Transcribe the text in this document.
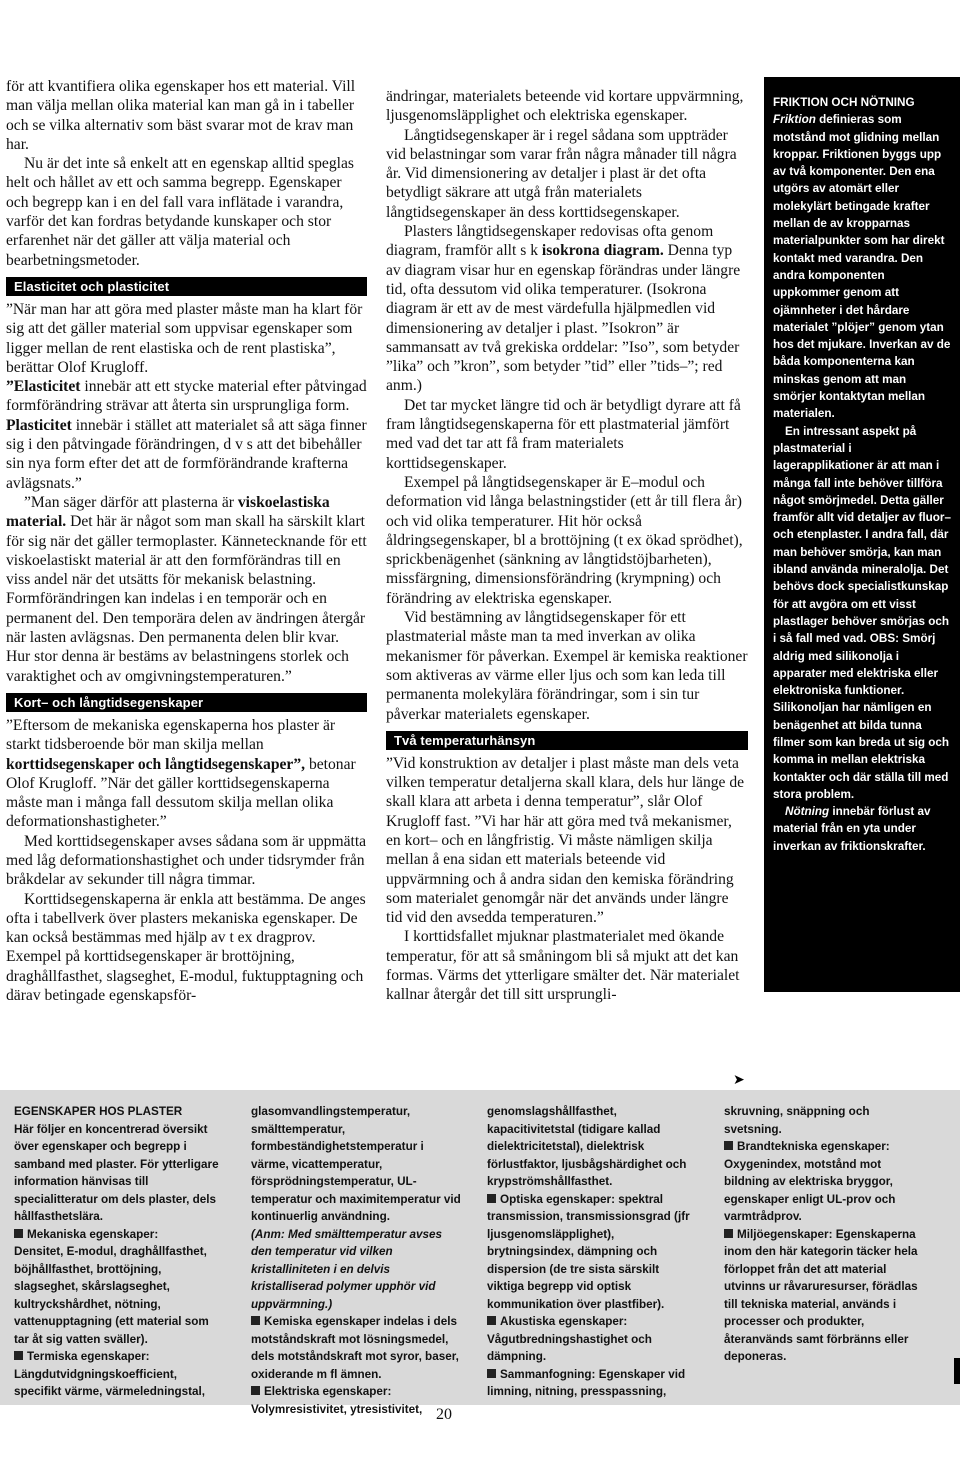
för att kvantifiera olika egenskaper hos ett material. Vill man välja mellan olika material kan man gå in i tabeller och se vilka alternativ som bäst svarar mot de krav man har.

Nu är det inte så enkelt att en egenskap alltid speglas helt och hållet av ett och samma begrepp. Egenskaper och begrepp kan i en del fall vara inflätade i varandra, varför det kan fordras betydande kunskaper och stor erfarenhet när det gäller att välja material och bearbetningsmetoder.

Elasticitet och plasticitet

”När man har att göra med plaster måste man ha klart för sig att det gäller material som uppvisar egenskaper som ligger mellan de rent elastiska och de rent plastiska”, berättar Olof Krugloff.

”Elasticitet innebär att ett stycke material efter påtvingad formförändring strävar att återta sin ursprungliga form. Plasticitet innebär i stället att materialet så att säga finner sig i den påtvingade förändringen, d v s att det bibehåller sin nya form efter det att de formförändrande krafterna avlägsnats.”

”Man säger därför att plasterna är viskoelastiska material. Det här är något som man skall ha särskilt klart för sig när det gäller termoplaster. Kännetecknande för ett viskoelastiskt material är att den formförändras till en viss andel när det utsätts för mekanisk belastning. Formförändringen kan indelas i en temporär och en permanent del. Den temporära delen av ändringen återgår när lasten avlägsnas. Den permanenta delen blir kvar. Hur stor denna är bestäms av belastningens storlek och varaktighet och av omgivningstemperaturen.”

Kort– och långtidsegenskaper

”Eftersom de mekaniska egenskaperna hos plaster är starkt tidsberoende bör man skilja mellan korttidsegenskaper och långtidsegenskaper”, betonar Olof Krugloff. ”När det gäller korttidsegenskaperna måste man i många fall dessutom skilja mellan olika deformationshastigheter.”

Med korttidsegenskaper avses sådana som är uppmätta med låg deformationshastighet och under tidsrymder från bråkdelar av sekunder till några timmar.

Korttidsegenskaperna är enkla att bestämma. De anges ofta i tabellverk över plasters mekaniska egenskaper. De kan också bestämmas med hjälp av t ex dragprov. Exempel på korttidsegenskaper är brottöjning, draghållfasthet, slagseghet, E-modul, fuktupptagning och därav betingade egenskapsför-

ändringar, materialets beteende vid kortare uppvärmning, ljusgenomsläpplighet och elektriska egenskaper.

Långtidsegenskaper är i regel sådana som uppträder vid belastningar som varar från några månader till några år. Vid dimensionering av detaljer i plast är det ofta betydligt säkrare att utgå från materialets långtidsegenskaper än dess korttidsegenskaper.

Plasters långtidsegenskaper redovisas ofta genom diagram, framför allt s k isokrona diagram. Denna typ av diagram visar hur en egenskap förändras under längre tid, ofta dessutom vid olika temperaturer. (Isokrona diagram är ett av de mest värdefulla hjälpmedlen vid dimensionering av detaljer i plast. ”Isokron” är sammansatt av två grekiska orddelar: ”Iso”, som betyder ”lika” och ”kron”, som betyder ”tid” eller ”tids–”; red anm.)

Det tar mycket längre tid och är betydligt dyrare att få fram långtidsegenskaperna för ett plastmaterial jämfört med vad det tar att få fram materialets korttidsegenskaper.

Exempel på långtidsegenskaper är E–modul och deformation vid långa belastningstider (ett år till flera år) och vid olika temperaturer. Hit hör också åldringsegenskaper, bl a brottöjning (t ex ökad sprödhet), sprickbenägenhet (sänkning av långtidstöjbarheten), missfärgning, dimensionsförändring (krympning) och förändring av elektriska egenskaper.

Vid bestämning av långtidsegenskaper för ett plastmaterial måste man ta med inverkan av olika mekanismer för påverkan. Exempel är kemiska reaktioner som aktiveras av värme eller ljus och som kan leda till permanenta molekylära förändringar, som i sin tur påverkar materialets egenskaper.

Två temperaturhänsyn

”Vid konstruktion av detaljer i plast måste man dels veta vilken temperatur detaljerna skall klara, dels hur länge de skall klara att arbeta i denna temperatur”, slår Olof Krugloff fast. ”Vi har här att göra med två mekanismer, en kort– och en långfristig. Vi måste nämligen skilja mellan å ena sidan ett materials beteende vid uppvärmning och å andra sidan den kemiska förändring som materialet genomgår när det används under längre tid vid den avsedda temperaturen.”

I korttidsfallet mjuknar plastmaterialet med ökande temperatur, för att så småningom bli så mjukt att det kan formas. Värms det ytterligare smälter det. När materialet kallnar återgår det till sitt ursprungli-

➤

FRIKTION OCH NÖTNING

Friktion definieras som motstånd mot glidning mellan kroppar. Friktionen byggs upp av två komponenter. Den ena utgörs av atomärt eller molekylärt betingade krafter mellan de av kropparnas materialpunkter som har direkt kontakt med varandra. Den andra komponenten uppkommer genom att ojämnheter i det hårdare materialet ”plöjer” genom ytan hos det mjukare. Inverkan av de båda komponenterna kan minskas genom att man smörjer kontaktytan mellan materialen.

En intressant aspekt på plastmaterial i lagerapplikationer är att man i många fall inte behöver tillföra något smörjmedel. Detta gäller framför allt vid detaljer av fluor– och etenplaster. I andra fall, där man behöver smörja, kan man ibland använda mineralolja. Det behövs dock specialistkunskap för att avgöra om ett visst plastlager behöver smörjas och i så fall med vad. OBS: Smörj aldrig med silikonolja i apparater med elektriska eller elektroniska funktioner. Silikonoljan har nämligen en benägenhet att bilda tunna filmer som kan breda ut sig och komma in mellan elektriska kontakter och där ställa till med stora problem.

Nötning innebär förlust av material från en yta under inverkan av friktionskrafter.

EGENSKAPER HOS PLASTER
Här följer en koncentrerad översikt över egenskaper och begrepp i samband med plaster. För ytterligare information hänvisas till specialitteratur om dels plaster, dels hållfasthetslära.
Mekaniska egenskaper:
Densitet, E-modul, draghållfasthet, böjhållfasthet, brottöjning, slagseghet, skårslagseghet, kultryckshårdhet, nötning, vattenupptagning (ett material som tar åt sig vatten sväller).
Termiska egenskaper:
Längdutvidgningskoefficient, specifikt värme, värmeledningstal,
glasomvandlingstemperatur, smälttemperatur, formbeständighetstemperatur i värme, vicattemperatur, försprödningstemperatur, UL-temperatur och maximitemperatur vid kontinuerlig användning.
(Anm: Med smälttemperatur avses den temperatur vid vilken kristalliniteten i en delvis kristalliserad polymer upphör vid uppvärmning.)
Kemiska egenskaper indelas i dels motståndskraft mot lösningsmedel, dels motståndskraft mot syror, baser, oxiderande m fl ämnen.
Elektriska egenskaper:
Volymresistivitet, ytresistivitet,
genomslagshållfasthet, kapacitivitetstal (tidigare kallad dielektricitetstal), dielektrisk förlustfaktor, ljusbågshärdighet och krypströmshållfasthet.
Optiska egenskaper: spektral transmission, transmissionsgrad (jfr ljusgenomsläpplighet), brytningsindex, dämpning och dispersion (de tre sista särskilt viktiga begrepp vid optisk kommunikation över plastfiber).
Akustiska egenskaper:
Vågutbredningshastighet och dämpning.
Sammanfogning: Egenskaper vid limning, nitning, presspassning,
skruvning, snäppning och svetsning.
Brandtekniska egenskaper:
Oxygenindex, motstånd mot bildning av elektriska bryggor, egenskaper enligt UL-prov och varmtrådprov.
Miljöegenskaper: Egenskaperna inom den här kategorin täcker hela förloppet från det att material utvinns ur råvaruresurser, förädlas till tekniska material, används i processer och produkter, återanvänds samt förbränns eller deponeras.
20
